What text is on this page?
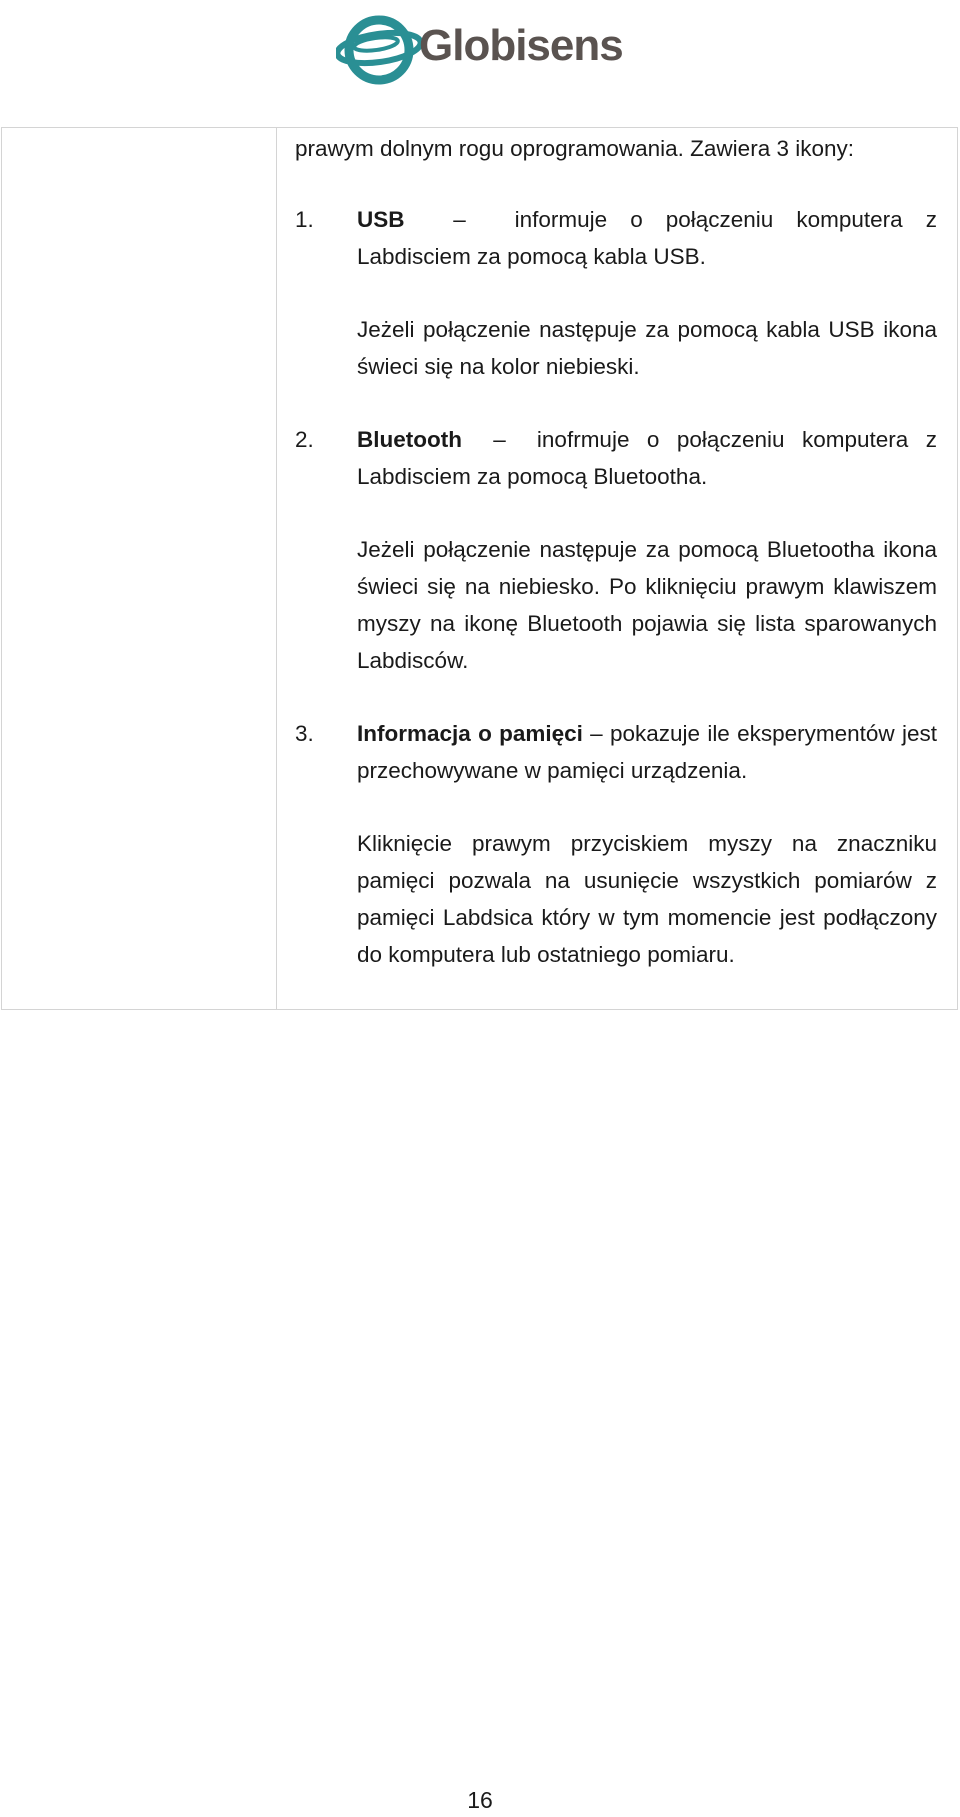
Globisens

prawym dolnym rogu oprogramowania. Zawiera 3 ikony:

1. USB – informuje o połączeniu komputera z Labdisciem za pomocą kabla USB.

Jeżeli połączenie następuje za pomocą kabla USB ikona świeci się na kolor niebieski.

2. Bluetooth – inofrmuje o połączeniu komputera z Labdisciem za pomocą Bluetootha.

Jeżeli połączenie następuje za pomocą Bluetootha ikona świeci się na niebiesko. Po kliknięciu prawym klawiszem myszy na ikonę Bluetooth pojawia się lista sparowanych Labdisców.

3. Informacja o pamięci – pokazuje ile eksperymentów jest przechowywane w pamięci urządzenia.

Kliknięcie prawym przyciskiem myszy na znaczniku pamięci pozwala na usunięcie wszystkich pomiarów z pamięci Labdsica który w tym momencie jest podłączony do komputera lub ostatniego pomiaru.

16
